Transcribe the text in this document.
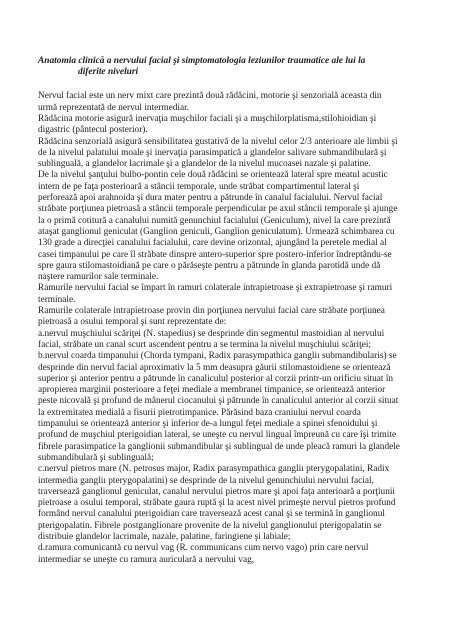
Anatomia clinică a nervului facial şi simptomatologia leziunilor traumatice ale lui la
diferite niveluri
Nervul facial este un nerv mixt care prezintă două rădăcini, motorie şi senzorială aceasta din
urmă reprezentată de nervul intermediar.
Rădăcina motorie asigură inervaţia muşchilor faciali şi a muşchilorplatisma,stilohioidian şi
digastric (pântecul posterior).
Rădăcina senzorială asigură sensibilitatea gustativă de la nivelul celor 2/3 anterioare ale limbii şi
de la nivelul palatului moale şi inervaţia parasimpatică a glandelor salivare submandibulară şi
sublinguală, a glandelor lacrimale şi a glandelor de la nivelul mucoasei nazale şi palatine.
De la nivelul şanţului bulbo-pontin cele două rădăcini se orientează lateral spre meatul acustic
intern de pe faţa posterioară a stâncii temporale, unde străbat compartimentul lateral şi
perforează apoi arahnoida şi dura mater pentru a pătrunde în canalul facialului. Nervul facial
străbate porţiunea pietroasă a stâncii temporale perpendicular pe axul stâncii temporale şi ajunge
la o primă cotitură a canalului numită genunchiul facialului (Geniculum), nivel la care prezintă
ataşat ganglionul geniculat (Ganglion geniculi, Ganglion geniculatum). Urmează schimbarea cu
130 grade a direcţiei canalului facialului, care devine orizontal, ajungând la peretele medial al
casei timpanului pe care îl străbate dinspre antero-superior spre postero-inferior îndreptându-se
spre gaura stilomastoidiană pe care o părăseşte pentru a pătrunde în glanda parotidă unde dă
naştere ramurilor sale terminale.
Ramurile nervului facial se împart în ramuri colaterale intrapietroase şi extrapietroase şi ramuri
terminale.
Ramurile colaterale intrapietroase provin din porţiunea nervului facial care străbate porţiunea
pietroasă a osului temporal şi sunt reprezentate de:
a.nervul muşchiului scăriţei (N. stapedius) se desprinde din segmentul mastoidian al nervului
facial, străbate un canal scurt ascendent pentru a se termina la nivelul muşchiului scăriţei;
b.nervul coarda timpanului (Chorda tympani, Radix parasympathica gangliı submandibularis) se
desprinde din nervul facial aproximativ la 5 mm deasupra găurii stilomastoidiene se orientează
superior şi anterior pentru a pătrunde în canaliculul posterior al corzii printr-un orificiu situat în
apropierea marginii posterioare a feţei mediale a membranei timpanice, se orientează anterior
peste nicovală şi profund de mânerul ciocanului şi pătrunde în canaliculul anterior al corzii situat
la extremitatea medială a fisurii pietrotimpanice. Părăsind baza craniului nervul coarda
timpanului se orientează anterior şi inferior de-a lungul feţei mediale a spinei sfenoidului şi
profund de muşchiul pterigoidian lateral, se uneşte cu nervul lingual împreună cu care îşi trimite
fibrele parasimpatice la ganglionii submandibular şi sublingual de unde pleacă ramuri la glandele
submandibulară şi sublinguală;
c.nervul pietros mare (N. petrosus major, Radix parasympathica gangliı pterygopalatini, Radix
intermedia gangliı pterygopalatini) se desprinde de la nivelul genunchiului nervului facial,
traversează ganglionul geniculat, canalul nervului pietros mare şi apoi faţa anterioară a porţiunii
pietroase a osului temporal, străbate gaura ruptă şi la acest nivel primeşte nervul pietros profund
formând nervul canalului pterigoidian care traversează acest canal şi se termină în ganglionul
pterigopalatin. Fibrele postganglionare provenite de la nivelul ganglionului pterigopalatin se
distribuie glandelor lacrimale, nazale, palatine, faringiene şi labiale;
d.ramura comunicantă cu nervul vag (R. communicans cum nervo vago) prin care nervul
intermediar se uneşte cu ramura auriculară a nervului vag,
